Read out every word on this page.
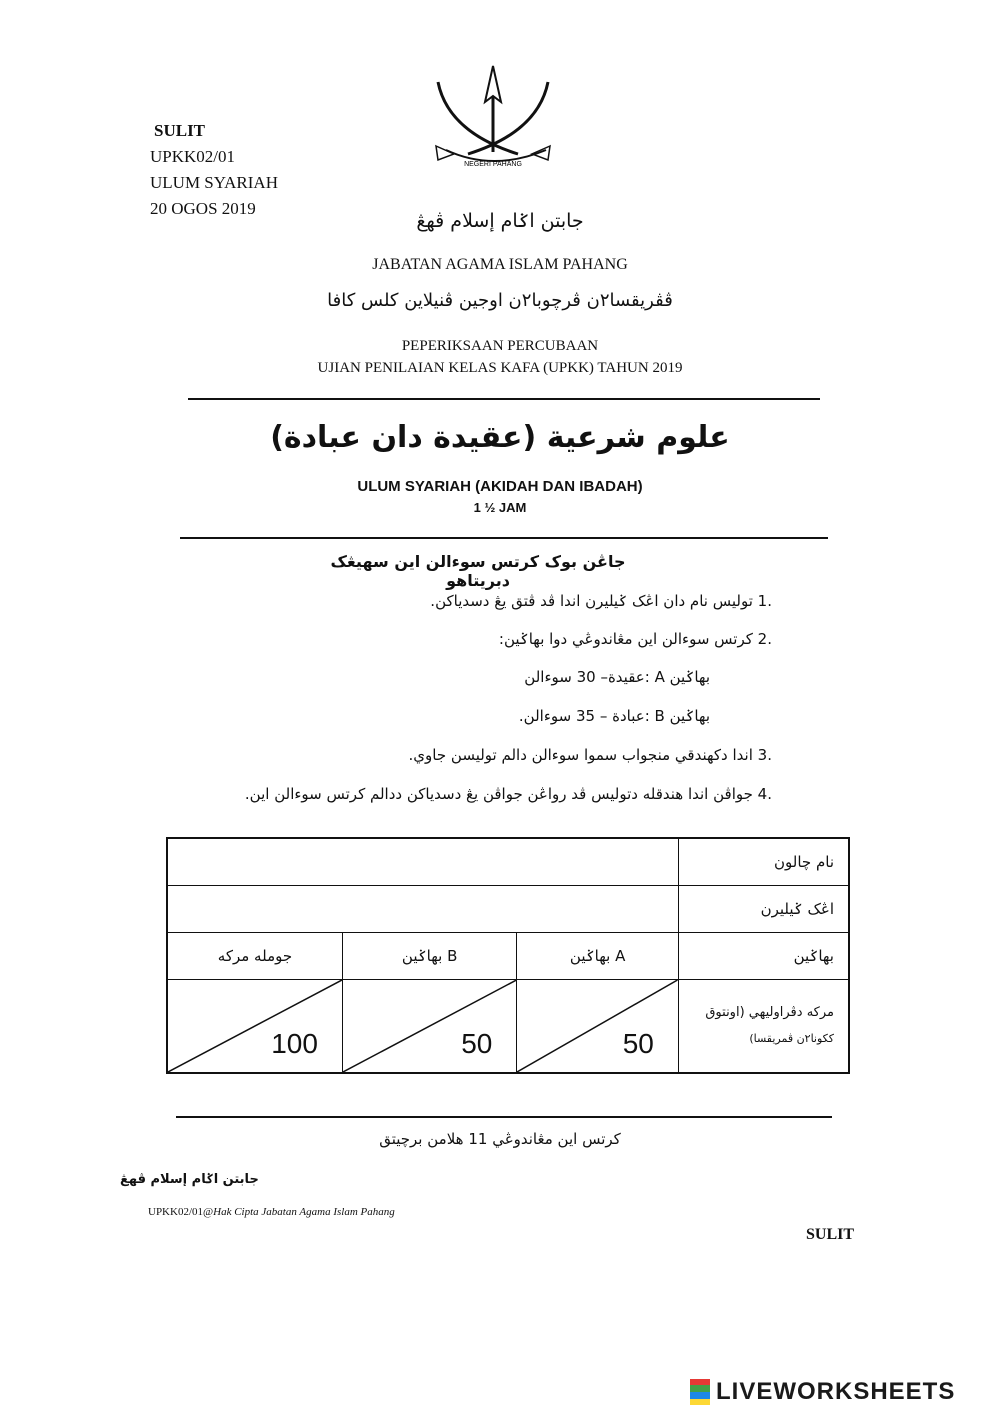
SULIT
UPKK02/01
ULUM SYARIAH
20 OGOS 2019
NEGERI PAHANG
جابتن اݢام إسلام ڤهڠ
JABATAN AGAMA ISLAM PAHANG
ڤڤريقسا٢ن ڤرچوبا٢ن اوجين ڤنيلاين كلس كافا
PEPERIKSAAN PERCUBAAN
UJIAN PENILAIAN KELAS KAFA (UPKK) TAHUN 2019
علوم شرعية (عقيدة دان عبادة)
ULUM SYARIAH (AKIDAH DAN IBADAH)
1 ½ JAM
جاڠن بوک كرتس سوءالن اين سهيڠک دبريتاهو
.1 توليس نام دان اڠک ݢيليرن اندا ڤد ڤتق يڠ دسدياكن.
.2 كرتس سوءالن اين مڠاندوڠي دوا بهاݢين:
بهاݢين A :عقيدة– 30 سوءالن
بهاݢين B :عبادة – 35 سوءالن.
.3 اندا دكهندقي منجواب سموا سوءالن دالم توليسن جاوي.
.4 جواڤن اندا هندقله دتوليس ڤد رواڠن جواڤن يڠ دسدياكن ددالم كرتس سوءالن اين.
			نام چالون
			اڠک ݢيليرن
جومله مركه	بهاݢين B	بهاݢين A	بهاݢين

100	50	50	مركه دڤراوليهي (اونتوق
ككونا٢ن ڤمريقسا)
كرتس اين مڠاندوڠي 11 هلامن برچيتق
جابتن اݢام إسلام ڤهڠ
UPKK02/01@Hak Cipta Jabatan Agama Islam Pahang
SULIT
LIVEWORKSHEETS
